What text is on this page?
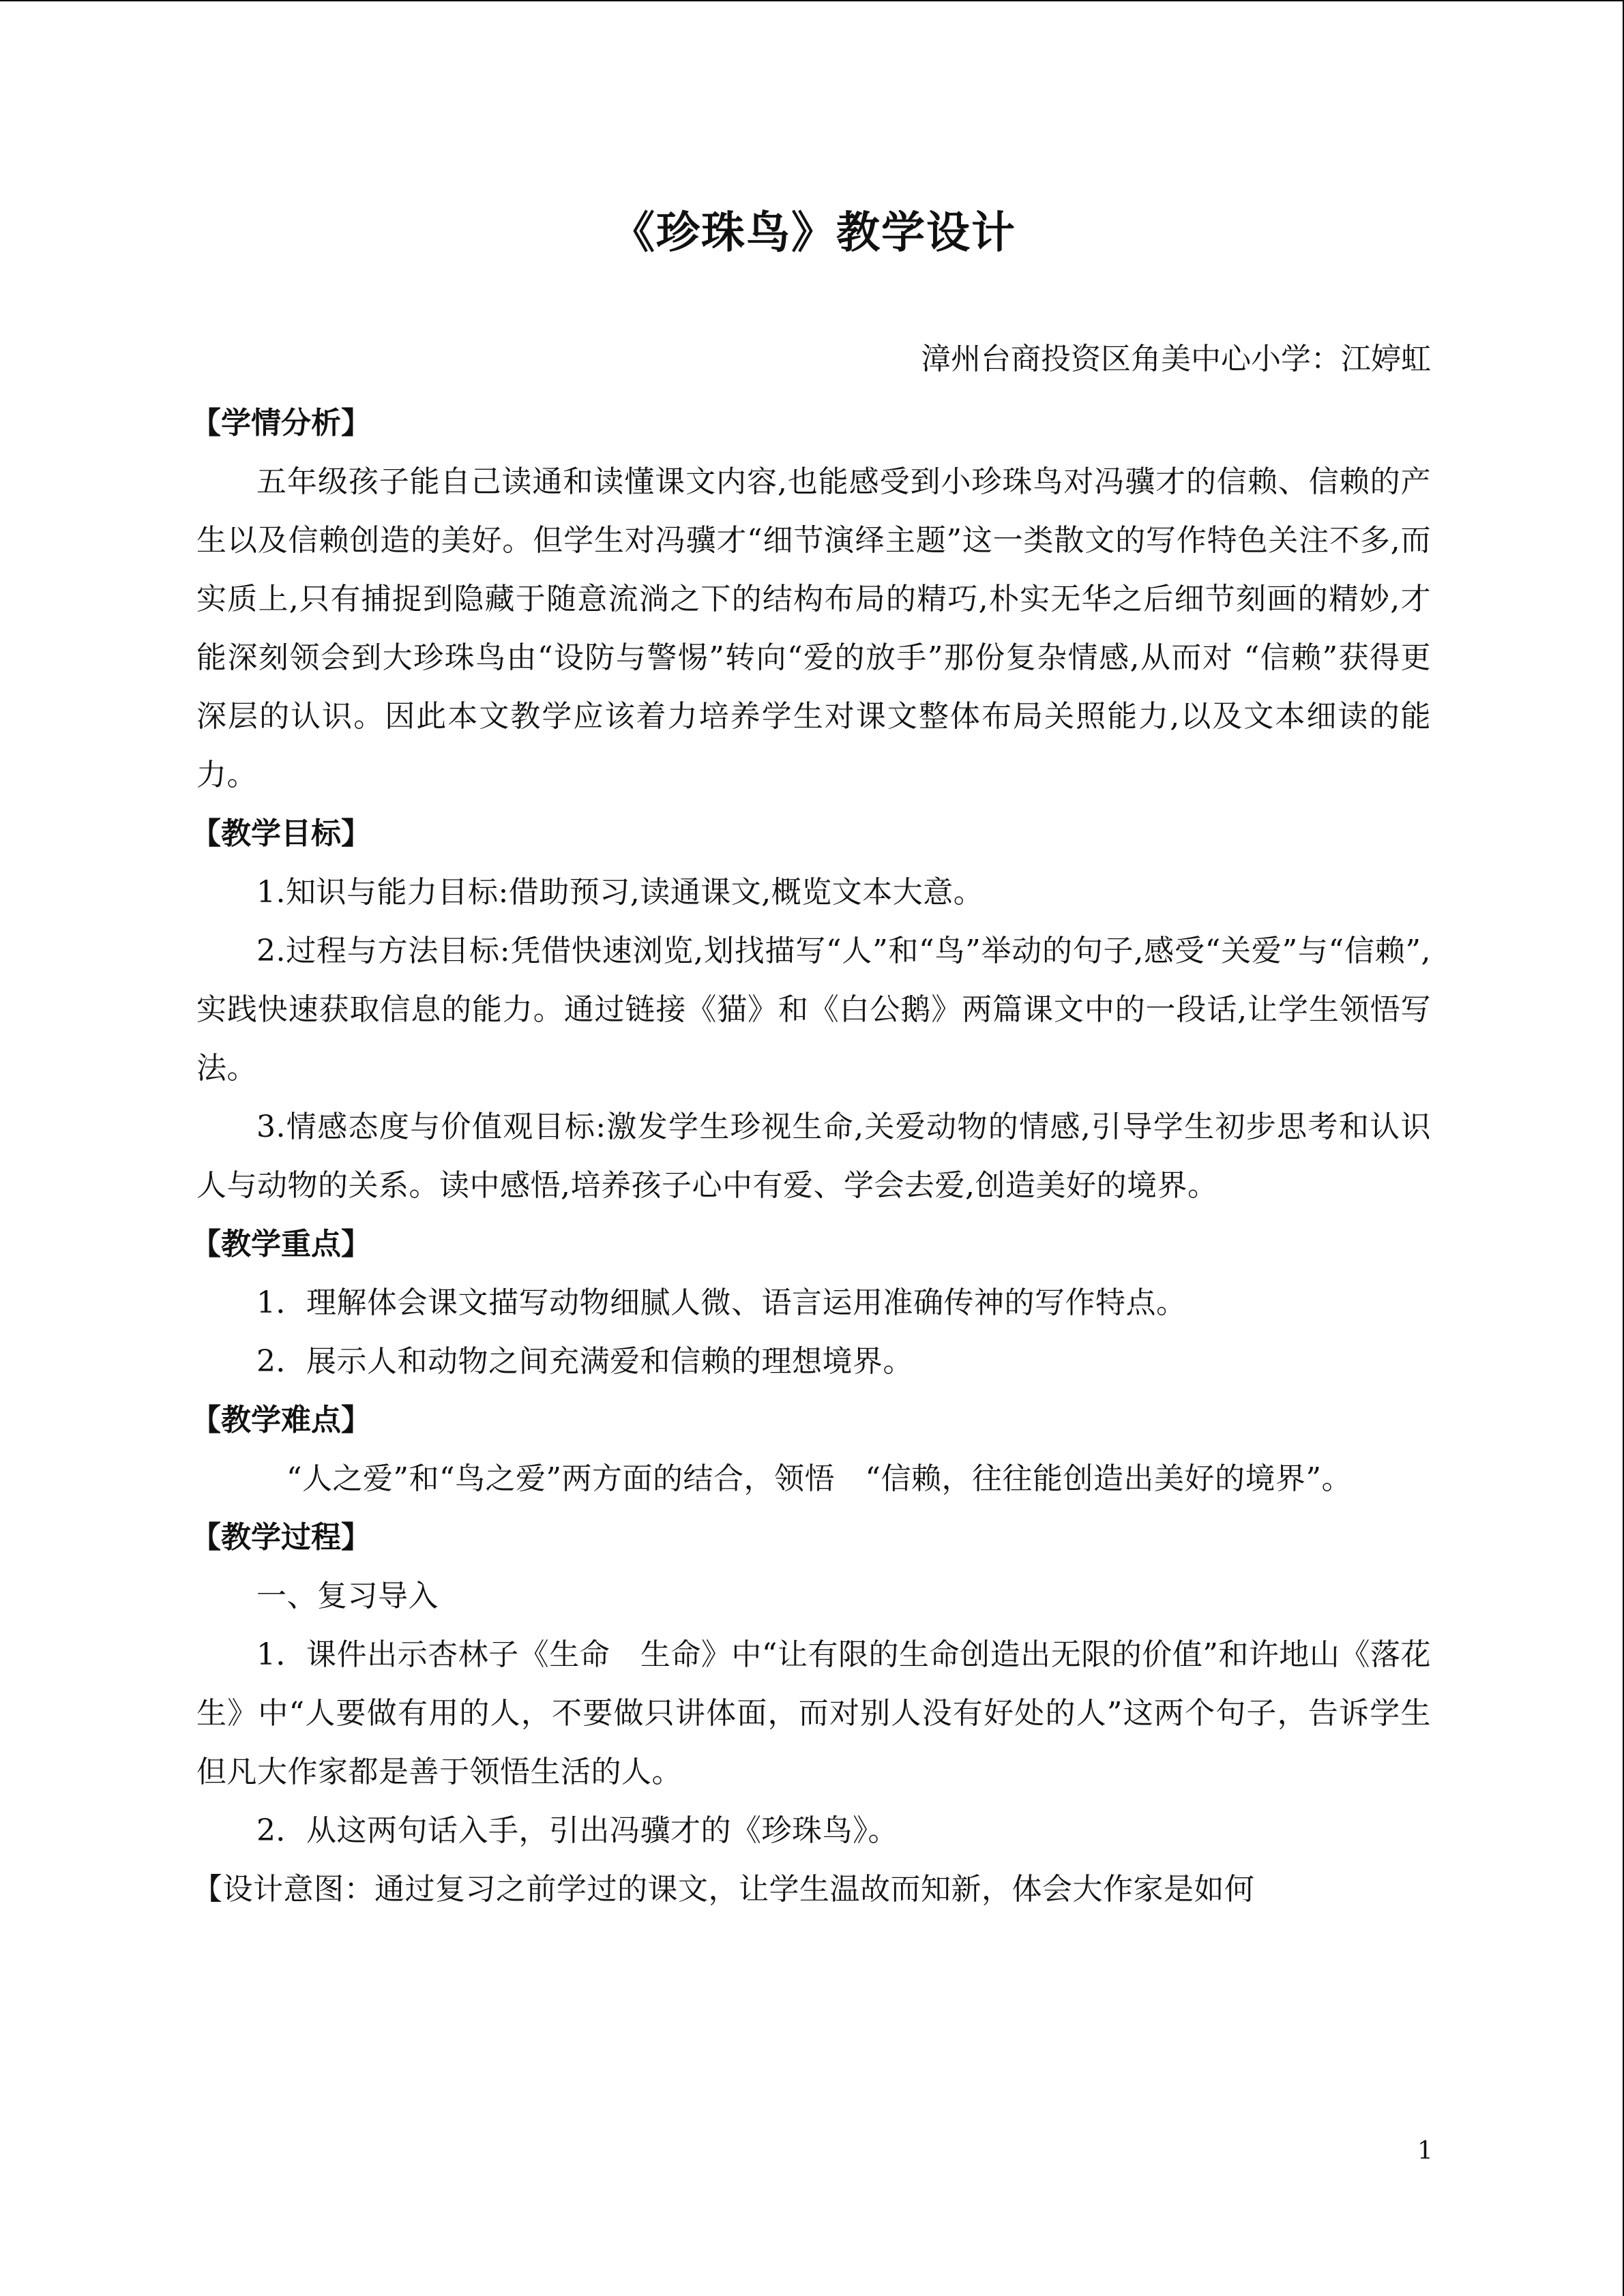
《珍珠鸟》教学设计
漳州台商投资区角美中心小学：江婷虹
【学情分析】

五年级孩子能自己读通和读懂课文内容,也能感受到小珍珠鸟对冯骥才的信赖、信赖的产生以及信赖创造的美好。但学生对冯骥才“细节演绎主题”这一类散文的写作特色关注不多,而实质上,只有捕捉到隐藏于随意流淌之下的结构布局的精巧,朴实无华之后细节刻画的精妙,才能深刻领会到大珍珠鸟由“设防与警惕”转向“爱的放手”那份复杂情感,从而对 “信赖”获得更深层的认识。因此本文教学应该着力培养学生对课文整体布局关照能力,以及文本细读的能力。

【教学目标】

1.知识与能力目标:借助预习,读通课文,概览文本大意。

2.过程与方法目标:凭借快速浏览,划找描写“人”和“鸟”举动的句子,感受“关爱”与“信赖”,实践快速获取信息的能力。通过链接《猫》和《白公鹅》两篇课文中的一段话,让学生领悟写法。

3.情感态度与价值观目标:激发学生珍视生命,关爱动物的情感,引导学生初步思考和认识人与动物的关系。读中感悟,培养孩子心中有爱、学会去爱,创造美好的境界。

【教学重点】

1．理解体会课文描写动物细腻人微、语言运用准确传神的写作特点。

2．展示人和动物之间充满爱和信赖的理想境界。

【教学难点】

“人之爱”和“鸟之爱”两方面的结合，领悟　“信赖，往往能创造出美好的境界”。

【教学过程】

一、复习导入

1．课件出示杏林子《生命　生命》中“让有限的生命创造出无限的价值”和许地山《落花生》中“人要做有用的人，不要做只讲体面，而对别人没有好处的人”这两个句子，告诉学生但凡大作家都是善于领悟生活的人。

2．从这两句话入手，引出冯骥才的《珍珠鸟》。

【设计意图：通过复习之前学过的课文，让学生温故而知新，体会大作家是如何

1
